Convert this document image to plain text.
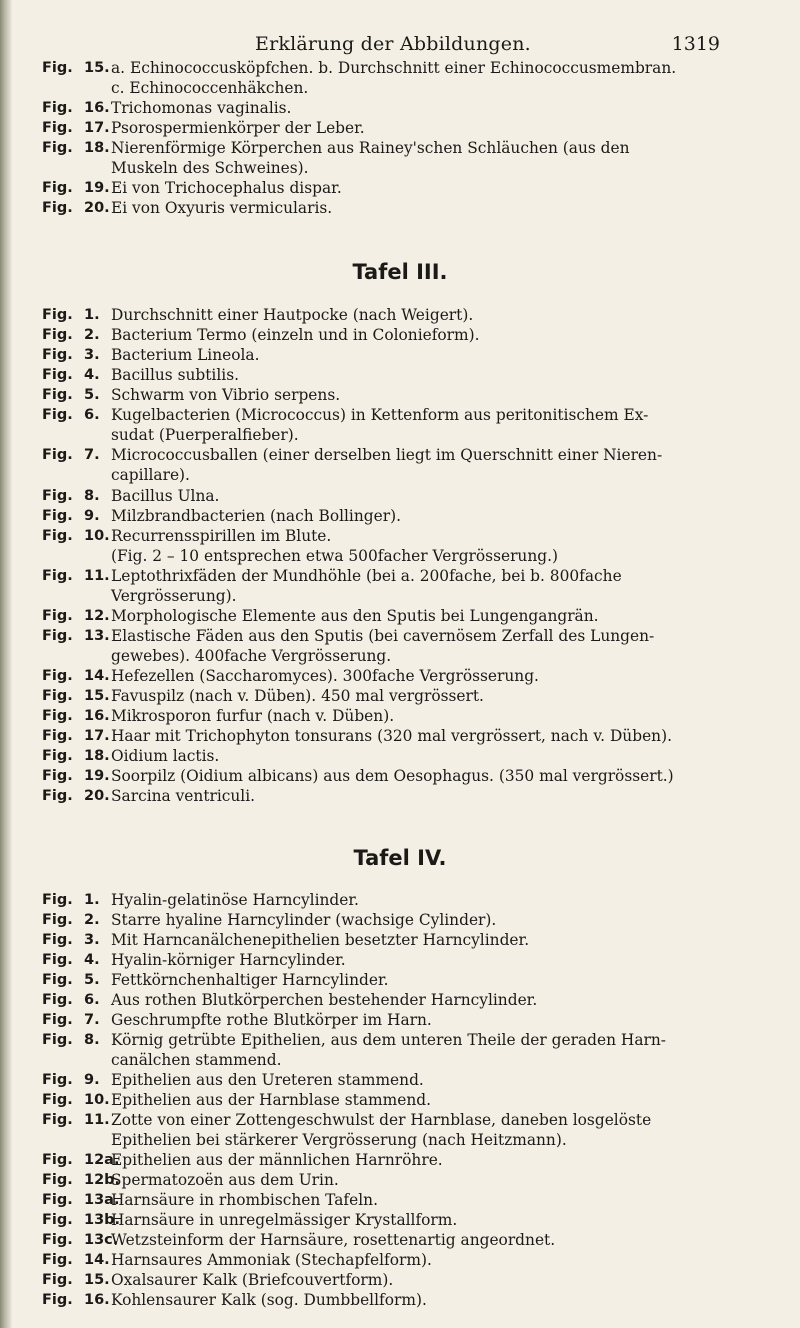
Erklärung der Abbildungen.	1319
Fig. 15. a. Echinococcusköpfchen. b. Durchschnitt einer Echinococcusmembran.
c. Echinococcenhäkchen.
Fig. 16. Trichomonas vaginalis.
Fig. 17. Psorospermienkörper der Leber.
Fig. 18. Nierenförmige Körperchen aus Rainey'schen Schläuchen (aus den
Muskeln des Schweines).
Fig. 19. Ei von Trichocephalus dispar.
Fig. 20. Ei von Oxyuris vermicularis.
Tafel III.
Fig. 1. Durchschnitt einer Hautpocke (nach Weigert).
Fig. 2. Bacterium Termo (einzeln und in Colonieform).
Fig. 3. Bacterium Lineola.
Fig. 4. Bacillus subtilis.
Fig. 5. Schwarm von Vibrio serpens.
Fig. 6. Kugelbacterien (Micrococcus) in Kettenform aus peritonitischem Ex-
sudat (Puerperalfieber).
Fig. 7. Micrococcusballen (einer derselben liegt im Querschnitt einer Nieren-
capillare).
Fig. 8. Bacillus Ulna.
Fig. 9. Milzbrandbacterien (nach Bollinger).
Fig. 10. Recurrensspirillen im Blute.
(Fig. 2 – 10 entsprechen etwa 500facher Vergrösserung.)
Fig. 11. Leptothrixfäden der Mundhöhle (bei a. 200fache, bei b. 800fache
Vergrösserung).
Fig. 12. Morphologische Elemente aus den Sputis bei Lungengangrän.
Fig. 13. Elastische Fäden aus den Sputis (bei cavernösem Zerfall des Lungen-
gewebes). 400fache Vergrösserung.
Fig. 14. Hefezellen (Saccharomyces). 300fache Vergrösserung.
Fig. 15. Favuspilz (nach v. Düben). 450 mal vergrössert.
Fig. 16. Mikrosporon furfur (nach v. Düben).
Fig. 17. Haar mit Trichophyton tonsurans (320 mal vergrössert, nach v. Düben).
Fig. 18. Oidium lactis.
Fig. 19. Soorpilz (Oidium albicans) aus dem Oesophagus. (350 mal vergrössert.)
Fig. 20. Sarcina ventriculi.
Tafel IV.
Fig. 1. Hyalin-gelatinöse Harncylinder.
Fig. 2. Starre hyaline Harncylinder (wachsige Cylinder).
Fig. 3. Mit Harncanälchenepithelien besetzter Harncylinder.
Fig. 4. Hyalin-körniger Harncylinder.
Fig. 5. Fettkörnchenhaltiger Harncylinder.
Fig. 6. Aus rothen Blutkörperchen bestehender Harncylinder.
Fig. 7. Geschrumpfte rothe Blutkörper im Harn.
Fig. 8. Körnig getrübte Epithelien, aus dem unteren Theile der geraden Harn-
canälchen stammend.
Fig. 9. Epithelien aus den Ureteren stammend.
Fig. 10. Epithelien aus der Harnblase stammend.
Fig. 11. Zotte von einer Zottengeschwulst der Harnblase, daneben losgelöste
Epithelien bei stärkerer Vergrösserung (nach Heitzmann).
Fig. 12a.
Epithelien aus der männlichen Harnröhre.
Fig. 12b.
Spermatozoën aus dem Urin.
Fig. 13a.
Harnsäure in rhombischen Tafeln.
Fig. 13b.
Harnsäure in unregelmässiger Krystallform.
Fig. 13c.
Wetzsteinform der Harnsäure, rosettenartig angeordnet.
Fig. 14. Harnsaures Ammoniak (Stechapfelform).
Fig. 15. Oxalsaurer Kalk (Briefcouvertform).
Fig. 16. Kohlensaurer Kalk (sog. Dumbbellform).
